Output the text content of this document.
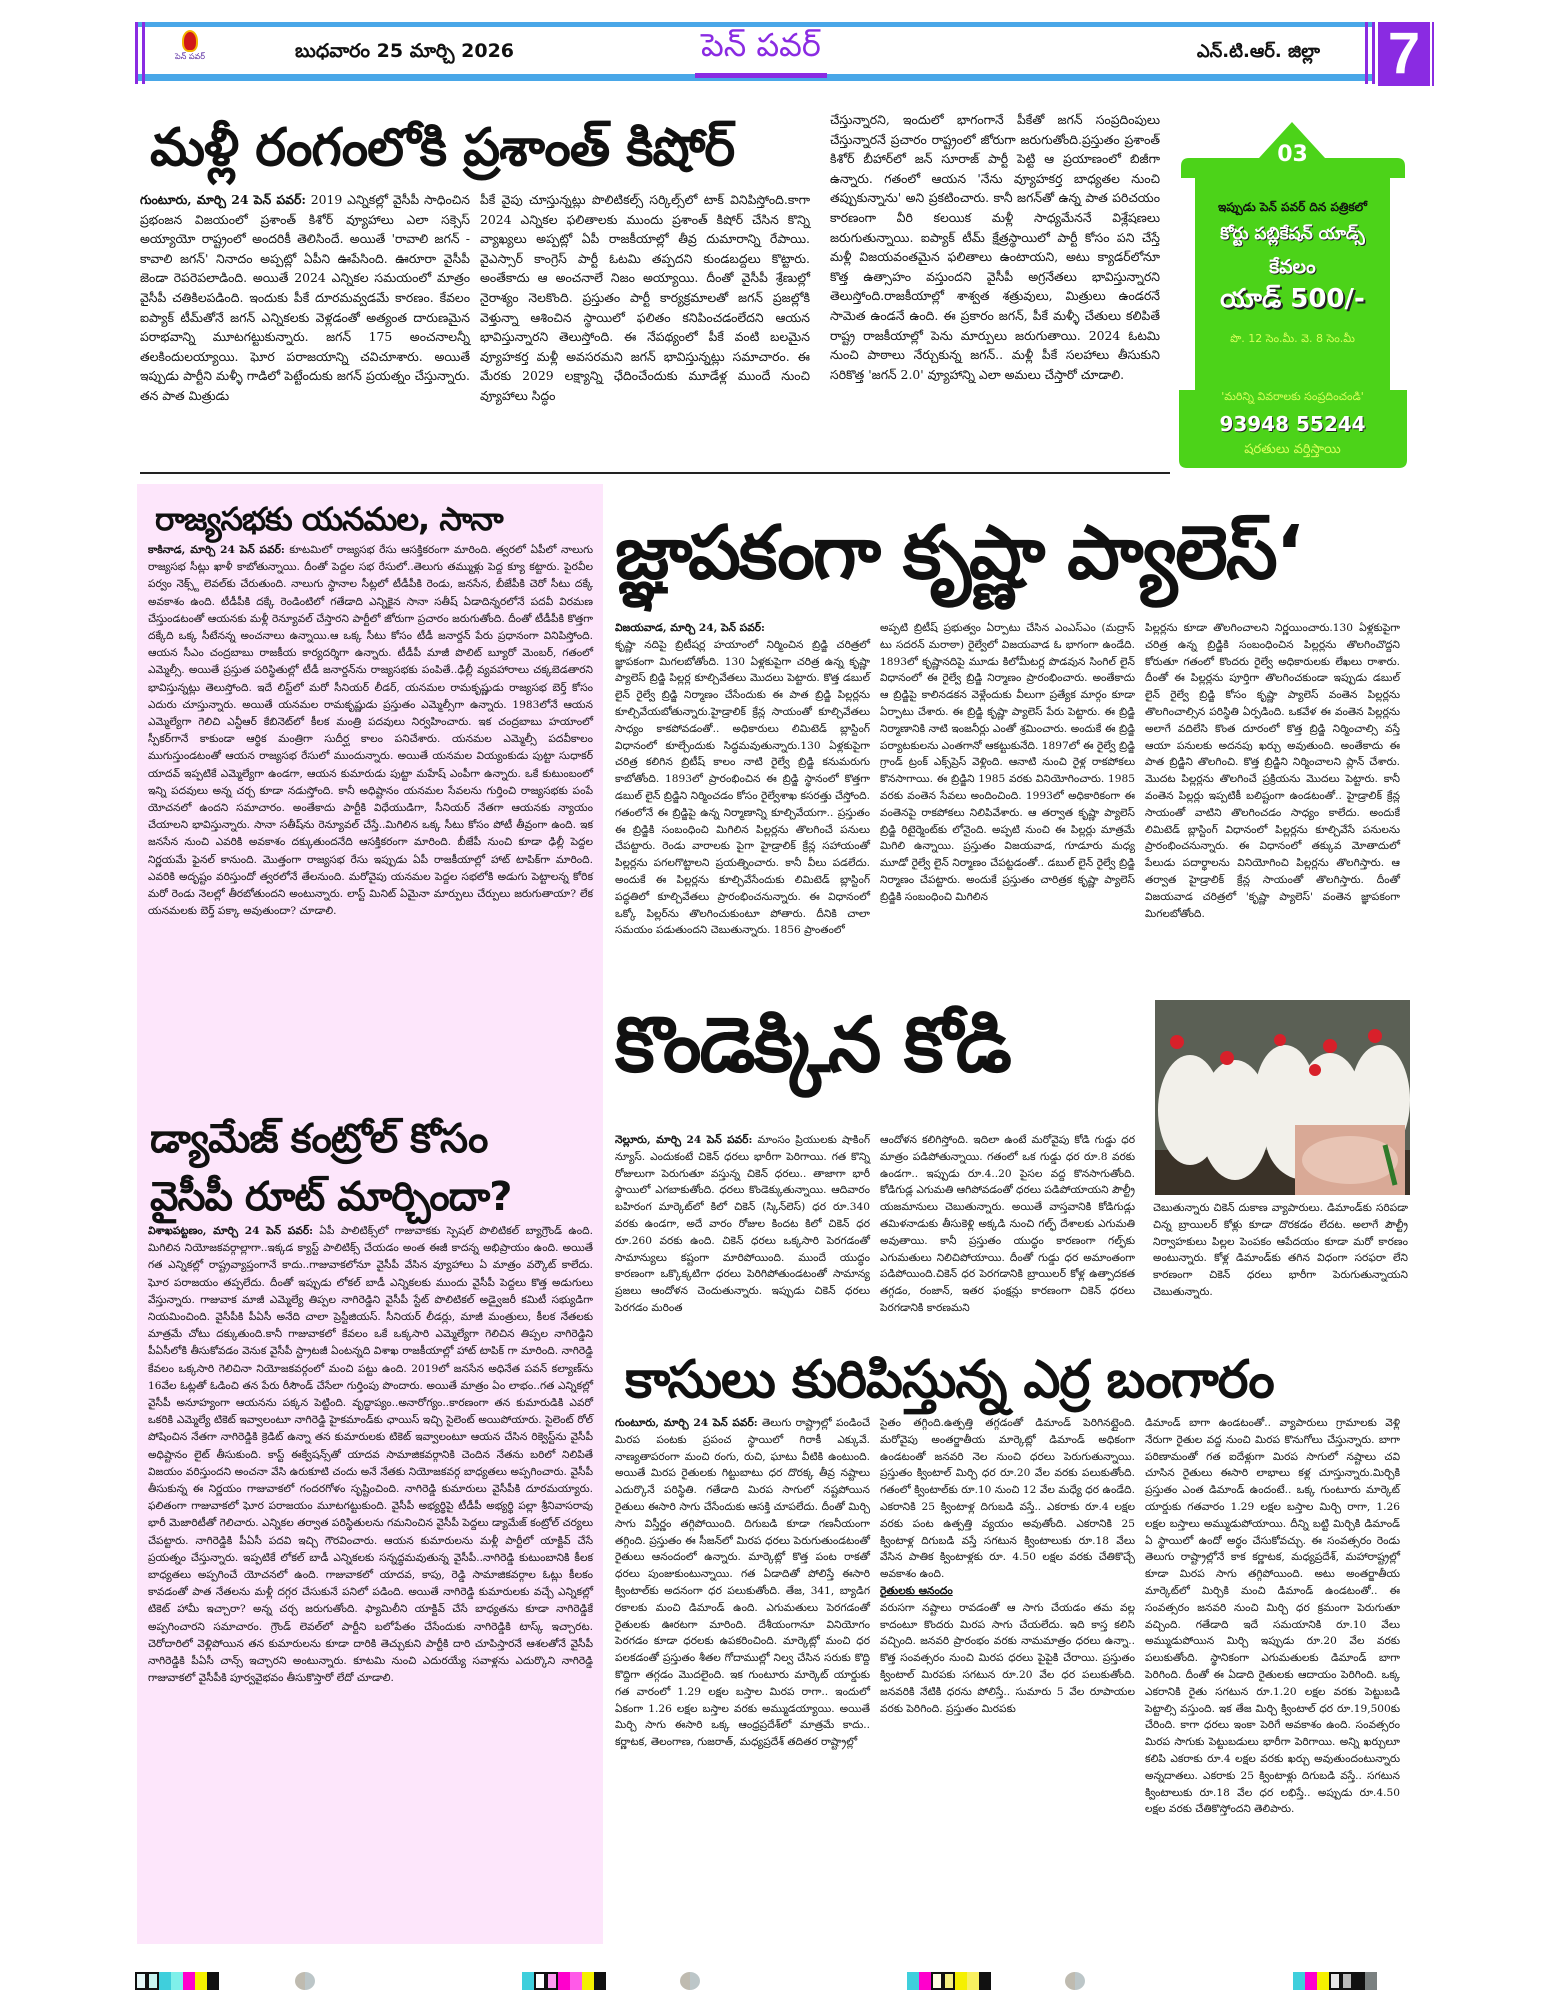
పెన్ పవర్	బుధవారం 25 మార్చి 2026	పెన్ పవర్	ఎన్.టి.ఆర్. జిల్లా 7
మళ్లీ రంగంలోకి ప్రశాంత్ కిషోర్
గుంటూరు, మార్చి 24 పెన్ పవర్: 2019 ఎన్నికల్లో వైసీపీ సాధించిన ప్రభంజన విజయంలో ప్రశాంత్ కిశోర్ వ్యూహాలు ఎలా సక్సెస్ అయ్యాయో రాష్ట్రంలో అందరికీ తెలిసిందే. అయితే 'రావాలి జగన్ - కావాలి జగన్' నినాదం అప్పట్లో ఏపీని ఊపేసింది. ఊరూరా వైసీపీ జెండా రెపరెపలాడింది. అయితే 2024 ఎన్నికల సమయంలో మాత్రం వైసీపీ చతికిలపడింది. ఇందుకు పీకే దూరమవ్వడమే కారణం. కేవలం ఐప్యాక్ టీమ్‌తోనే జగన్ ఎన్నికలకు వెళ్లడంతో అత్యంత దారుణమైన పరాభవాన్ని మూటగట్టుకున్నారు. జగన్ 175 అంచనాలన్నీ తలకిందులయ్యాయి. ఘోర పరాజయాన్ని చవిచూశారు. అయితే ఇప్పుడు పార్టీని మళ్ళీ గాడిలో పెట్టేందుకు జగన్ ప్రయత్నం చేస్తున్నారు. తన పాత మిత్రుడు
పీకే వైపు చూస్తున్నట్లు పొలిటికల్స్ సర్కిల్స్‌లో టాక్ వినిపిస్తోంది.కాగా 2024 ఎన్నికల ఫలితాలకు ముందు ప్రశాంత్ కిషోర్ చేసిన కొన్ని వ్యాఖ్యలు అప్పట్లో ఏపీ రాజకీయాల్లో తీవ్ర దుమారాన్ని రేపాయి. వైఎస్సార్ కాంగ్రెస్ పార్టీ ఓటమి తప్పదని కుండబద్దలు కొట్టారు. అంతేకాదు ఆ అంచనాలే నిజం అయ్యాయి. దీంతో వైసీపీ శ్రేణుల్లో నైరాశ్యం నెలకొంది. ప్రస్తుతం పార్టీ కార్యక్రమాలతో జగన్ ప్రజల్లోకి వెళ్తున్నా ఆశించిన స్థాయిలో ఫలితం కనిపించడంలేదని ఆయన భావిస్తున్నారని తెలుస్తోంది. ఈ నేపథ్యంలో పీకే వంటి బలమైన వ్యూహకర్త మళ్లీ అవసరమని జగన్ భావిస్తున్నట్లు సమాచారం. ఈ మేరకు 2029 లక్ష్యాన్ని ఛేదించేందుకు మూడేళ్ల ముందే నుంచి వ్యూహాలు సిద్ధం
చేస్తున్నారని, ఇందులో భాగంగానే పీకేతో జగన్ సంప్రదింపులు చేస్తున్నారనే ప్రచారం రాష్ట్రంలో జోరుగా జరుగుతోంది.ప్రస్తుతం ప్రశాంత్ కిశోర్ బీహార్‌లో జన్ సూరాజ్ పార్టీ పెట్టి ఆ ప్రయాణంలో బిజీగా ఉన్నారు. గతంలో ఆయన 'నేను వ్యూహకర్త బాధ్యతల నుంచి తప్పుకున్నాను' అని ప్రకటించారు. కానీ జగన్‌తో ఉన్న పాత పరిచయం కారణంగా వీరి కలయిక మళ్లీ సాధ్యమేననే విశ్లేషణలు జరుగుతున్నాయి. ఐప్యాక్ టీమ్ క్షేత్రస్థాయిలో పార్టీ కోసం పని చేస్తే మళ్లీ విజయవంతమైన ఫలితాలు ఉంటాయని, అటు క్యాడర్‌లోనూ కొత్త ఉత్సాహం వస్తుందని వైసీపీ అగ్రనేతలు భావిస్తున్నారని తెలుస్తోంది.రాజకీయాల్లో శాశ్వత శత్రువులు, మిత్రులు ఉండరనే సామెత ఉండనే ఉంది. ఈ ప్రకారం జగన్, పీకే మళ్ళీ చేతులు కలిపితే రాష్ట్ర రాజకీయాల్లో పెను మార్పులు జరుగుతాయి. 2024 ఓటమి నుంచి పాఠాలు నేర్చుకున్న జగన్.. మళ్లీ పీకే సలహాలు తీసుకుని సరికొత్త 'జగన్ 2.0' వ్యూహాన్ని ఎలా అమలు చేస్తారో చూడాలి.
03
ఇప్పుడు పెన్ పవర్ దిన పత్రికలో
కోర్టు పబ్లికేషన్ యాడ్స్
కేవలం
యాడ్ 500/-
పొ. 12 సెం.మీ. వె. 8 సెం.మీ
'మరిన్ని వివరాలకు సంప్రదించండి'
93948 55244
షరతులు వర్తిస్తాయి
రాజ్యసభకు యనమల, సానా
కాకినాడ, మార్చి 24 పెన్ పవర్: కూటమిలో రాజ్యసభ రేసు ఆసక్తికరంగా మారింది. త్వరలో ఏపీలో నాలుగు రాజ్యసభ సీట్లు ఖాళీ కాబోతున్నాయి. దీంతో పెద్దల సభ రేసులో..తెలుగు తమ్ముళ్లు పెద్ద క్యూ కట్టారు. పైరవీల పర్వం నెక్స్ట్ లెవల్‌కు చేరుతుంది. నాలుగు స్థానాల సీట్లలో టీడీపీకి రెండు, జనసేన, బీజేపీకి చెరో సీటు దక్కే అవకాశం ఉంది. టీడీపీకి దక్కే రెండింటిలో గతేడాది ఎన్నికైన సానా సతీష్ ఏడాదిన్నరలోనే పదవీ విరమణ చేస్తుండటంతో ఆయనకు మళ్లీ రెన్యూవల్ చేస్తారని పార్టీలో జోరుగా ప్రచారం జరుగుతోంది. దీంతో టీడీపీకి కొత్తగా దక్కేది ఒక్క సీటేనన్న అంచనాలు ఉన్నాయి.ఆ ఒక్క సీటు కోసం టీడీ జనార్దన్ పేరు ప్రధానంగా వినిపిస్తోంది. ఆయన సీఎం చంద్రబాబు రాజకీయ కార్యదర్శిగా ఉన్నారు. టీడీపీ మాజీ పొలిట్ బ్యూరో మెంబర్, గతంలో ఎమ్మెల్సీ. అయితే ప్రస్తుత పరిస్థితుల్లో టీడీ జనార్దన్‌ను రాజ్యసభకు పంపితే..ఢిల్లీ వ్యవహారాలు చక్కబెడతారని భావిస్తున్నట్లు తెలుస్తోంది. ఇదే లిస్ట్‌లో మరో సీనియర్ లీడర్, యనమల రామకృష్ణుడు రాజ్యసభ బెర్త్ కోసం ఎదురు చూస్తున్నారు. అయితే యనమల రామకృష్ణుడు ప్రస్తుతం ఎమ్మెల్సీగా ఉన్నారు. 1983లోనే ఆయన ఎమ్మెల్యేగా గెలిచి ఎన్టీఆర్ కేబినెట్‌లో కీలక మంత్రి పదవులు నిర్వహించారు. ఇక చంద్రబాబు హయాంలో స్పీకర్‌గానే కాకుండా ఆర్థిక మంత్రిగా సుదీర్ఘ కాలం పనిచేశారు. యనమల ఎమ్మెల్సీ పదవీకాలం ముగుస్తుండటంతో ఆయన రాజ్యసభ రేసులో ముందున్నారు. అయితే యనమల వియ్యంకుడు పుట్టా సుధాకర్ యాదవ్ ఇప్పటికే ఎమ్మెల్యేగా ఉండగా, ఆయన కుమారుడు పుట్టా మహేష్ ఎంపీగా ఉన్నారు. ఒకే కుటుంబంలో ఇన్ని పదవులు అన్న చర్చ కూడా నడుస్తోంది. కానీ అధిష్టానం యనమల సేవలను గుర్తించి రాజ్యసభకు పంపే యోచనలో ఉందని సమాచారం. అంతేకాదు పార్టీకి విధేయుడిగా, సీనియర్ నేతగా ఆయనకు న్యాయం చేయాలని భావిస్తున్నారు. సానా సతీష్‌ను రెన్యూవల్ చేస్తే..మిగిలిన ఒక్క సీటు కోసం పోటీ తీవ్రంగా ఉంది. ఇక జనసేన నుంచి ఎవరికి అవకాశం దక్కుతుందనేది ఆసక్తికరంగా మారింది. బీజేపీ నుంచి కూడా ఢిల్లీ పెద్దల నిర్ణయమే ఫైనల్ కానుంది. మొత్తంగా రాజ్యసభ రేసు ఇప్పుడు ఏపీ రాజకీయాల్లో హాట్ టాపిక్‌గా మారింది. ఎవరికి అదృష్టం వరిస్తుందో త్వరలోనే తేలనుంది. మరోవైపు యనమల పెద్దల సభలోకి అడుగు పెట్టాలన్న కోరిక మరో రెండు నెలల్లో తీరబోతుందని అంటున్నారు. లాస్ట్ మినిట్ ఏమైనా మార్పులు చేర్పులు జరుగుతాయా? లేక యనమలకు బెర్త్ పక్కా అవుతుందా? చూడాలి.
డ్యామేజ్ కంట్రోల్ కోసం
వైసీపీ రూట్ మార్చిందా?
విశాఖపట్టణం, మార్చి 24 పెన్ పవర్: ఏపీ పాలిటిక్స్‌లో గాజువాకకు స్పెషల్ పొలిటికల్ బ్యాగ్రౌండ్ ఉంది. మిగిలిన నియోజకవర్గాల్లాగా..ఇక్కడ క్యాస్ట్ పాలిటిక్స్ చేయడం అంత ఈజీ కాదన్న అభిప్రాయం ఉంది. అయితే గత ఎన్నికల్లో రాష్ట్రవ్యాప్తంగానే కాదు..గాజువాకలోనూ వైసీపీ వేసిన వ్యూహాలు ఏ మాత్రం వర్కౌట్ కాలేదు. ఘోర పరాజయం తప్పలేదు. దీంతో ఇప్పుడు లోకల్ బాడీ ఎన్నికలకు ముందు వైసీపీ పెద్దలు కొత్త అడుగులు వేస్తున్నారు. గాజువాక మాజీ ఎమ్మెల్యే తిప్పల నాగిరెడ్డిని వైసీపీ స్టేట్ పొలిటికల్ అడ్వైజరీ కమిటీ సభ్యుడిగా నియమించింది. వైసీపీకి పీఏసీ అనేది చాలా ప్రెస్టీజియస్. సీనియర్ లీడర్లు, మాజీ మంత్రులు, కీలక నేతలకు మాత్రమే చోటు దక్కుతుంది.కానీ గాజువాకలో కేవలం ఒకే ఒక్కసారి ఎమ్మెల్యేగా గెలిచిన తిప్పల నాగిరెడ్డిని పీఏసీలోకి తీసుకోవడం వెనుక వైసీపీ స్ట్రాటజీ ఏంటన్నది విశాఖ రాజకీయాల్లో హాట్ టాపిక్ గా మారింది. నాగిరెడ్డి కేవలం ఒక్కసారి గెలిచినా నియోజకవర్గంలో మంచి పట్టు ఉంది. 2019లో జనసేన అధినేత పవన్ కల్యాణ్‌ను 16వేల ఓట్లతో ఓడించి తన పేరు రీసౌండ్ చేసేలా గుర్తింపు పొందారు. అయితే మాత్రం ఏం లాభం..గత ఎన్నికల్లో వైసీపీ అనూహ్యంగా ఆయనను పక్కన పెట్టింది. వృద్ధాప్యం..అనారోగ్యం..కారణంగా తన కుమారుడికి ఎవరో ఒకరికి ఎమ్మెల్యే టికెట్ ఇవ్వాలంటూ నాగిరెడ్డి హైకమాండ్‌కు ఛాయిస్ ఇచ్చి సైలెంట్ అయిపోయారు. సైలెంట్ రోల్ పోషించిన నేతగా నాగిరెడ్డికి క్రెడిట్ ఉన్నా తన కుమారులకు టికెట్ ఇవ్వాలంటూ ఆయన చేసిన రిక్వెస్ట్‌ను వైసీపీ అధిష్టానం లైట్ తీసుకుంది. కాస్ట్ ఈక్వేషన్స్‌తో యాదవ సామాజికవర్గానికి చెందిన నేతను బరిలో నిలిపితే విజయం వరిస్తుందని అంచనా వేసి ఉరుకూటి చందు అనే నేతకు నియోజకవర్గ బాధ్యతలు అప్పగించారు. వైసీపీ తీసుకున్న ఈ నిర్ణయం గాజువాకలో గందరగోళం సృష్టించింది. నాగిరెడ్డి కుమారులు వైసీపీకి దూరమయ్యారు. ఫలితంగా గాజువాకలో ఘోర పరాజయం మూటగట్టుకుంది. వైసీపీ అభ్యర్థిపై టీడీపీ అభ్యర్థి పల్లా శ్రీనివాసరావు భారీ మెజారిటీతో గెలిచారు. ఎన్నికల తర్వాత పరిస్థితులను గమనించిన వైసీపీ పెద్దలు డ్యామేజ్ కంట్రోల్ చర్యలు చేపట్టారు. నాగిరెడ్డికి పీఏసీ పదవి ఇచ్చి గౌరవించారు. ఆయన కుమారులను మళ్లీ పార్టీలో యాక్టివ్ చేసే ప్రయత్నం చేస్తున్నారు. ఇప్పటికే లోకల్ బాడీ ఎన్నికలకు సన్నద్ధమవుతున్న వైసీపీ..నాగిరెడ్డి కుటుంబానికి కీలక బాధ్యతలు అప్పగించే యోచనలో ఉంది. గాజువాకలో యాదవ, కాపు, రెడ్డి సామాజికవర్గాల ఓట్లు కీలకం కావడంతో పాత నేతలను మళ్లీ దగ్గర చేసుకునే పనిలో పడింది. అయితే నాగిరెడ్డి కుమారులకు వచ్చే ఎన్నికల్లో టికెట్ హామీ ఇచ్చారా? అన్న చర్చ జరుగుతోంది. ఫ్యామిలీని యాక్టివ్ చేసే బాధ్యతను కూడా నాగిరెడ్డికే అప్పగించారని సమాచారం. గ్రౌండ్ లెవల్‌లో పార్టీని బలోపేతం చేసేందుకు నాగిరెడ్డికి టాస్క్ ఇచ్చారట. చెరోదారిలో వెళ్లిపోయిన తన కుమారులను కూడా దారికి తెచ్చుకుని పార్టీకి దారి చూపిస్తారనే ఆశలతోనే వైసీపీ నాగిరెడ్డికి పీఏసీ చాన్స్ ఇచ్చారని అంటున్నారు. కూటమి నుంచి ఎదురయ్యే సవాళ్లను ఎదుర్కొని నాగిరెడ్డి గాజువాకలో వైసీపీకి పూర్వవైభవం తీసుకొస్తారో లేదో చూడాలి.
జ్ఞాపకంగా కృష్ణా ప్యాలెస్‘
విజయవాడ, మార్చి 24, పెన్ పవర్:
కృష్ణా నదిపై బ్రిటీషర్ల హయాంలో నిర్మించిన బ్రిడ్జి చరిత్రలో జ్ఞాపకంగా మిగలబోతోంది. 130 ఏళ్లకుపైగా చరిత్ర ఉన్న కృష్ణా ప్యాలెస్ బ్రిడ్జి పిల్లర్ల కూల్చివేతలు మొదలు పెట్టారు. కొత్త డబుల్ లైన్ రైల్వే బ్రిడ్జి నిర్మాణం చేసేందుకు ఈ పాత బ్రిడ్జి పిల్లర్లను కూల్చివేయబోతున్నారు.హైడ్రాలిక్ క్రేన్ల సాయంతో కూల్చివేతలు సాధ్యం కాకపోవడంతో.. అధికారులు లిమిటెడ్ బ్లాస్టింగ్ విధానంలో కూల్చేందుకు సిద్ధమవుతున్నారు.130 ఏళ్లకుపైగా చరిత్ర కలిగిన బ్రిటీష్ కాలం నాటి రైల్వే బ్రిడ్జి కనుమరుగు కాబోతోంది. 1893లో ప్రారంభించిన ఈ బ్రిడ్జి స్థానంలో కొత్తగా డబుల్ లైన్ బ్రిడ్జిని నిర్మించడం కోసం రైల్వేశాఖ కసరత్తు చేస్తోంది. గతంలోనే ఈ బ్రిడ్జిపై ఉన్న నిర్మాణాన్ని కూల్చివేయగా.. ప్రస్తుతం ఈ బ్రిడ్జికి సంబంధించి మిగిలిన పిల్లర్లను తొలగించే పనులు చేపట్టారు. రెండు వారాలకు పైగా హైడ్రాలిక్ క్రేన్ల సహాయంతో పిల్లర్లను పగలగొట్టాలని ప్రయత్నించారు. కానీ వీలు పడలేదు. అందుకే ఈ పిల్లర్లను కూల్చివేసేందుకు లిమిటెడ్ బ్లాస్టింగ్ పద్ధతిలో కూల్చివేతలు ప్రారంభించనున్నారు. ఈ విధానంలో ఒక్కో పిల్లర్‌ను తొలగించుకుంటూ పోతారు. దీనికి చాలా సమయం పడుతుందని చెబుతున్నారు. 1856 ప్రాంతంలో
అప్పటి బ్రిటీష్ ప్రభుత్వం ఏర్పాటు చేసిన ఎంఎస్ఎం (మద్రాస్ టు సదరన్ మరాఠా) రైల్వేలో విజయవాడ ఓ భాగంగా ఉండేది. 1893లో కృష్ణానదిపై మూడు కిలోమీటర్ల పొడవున సింగిల్ లైన్ విధానంలో ఈ రైల్వే బ్రిడ్జి నిర్మాణం ప్రారంభించారు. అంతేకాదు ఆ బ్రిడ్జిపై కాలినడకన వెళ్లేందుకు వీలుగా ప్రత్యేక మార్గం కూడా ఏర్పాటు చేశారు. ఈ బ్రిడ్జి కృష్ణా ప్యాలెస్ పేరు పెట్టారు. ఈ బ్రిడ్జి నిర్మాణానికి నాటి ఇంజనీర్లు ఎంతో శ్రమించారు. అందుకే ఈ బ్రిడ్జి పర్యాటకులను ఎంతగానో ఆకట్టుకునేది. 1897లో ఈ రైల్వే బ్రిడ్జి గ్రాండ్ ట్రంక్ ఎక్స్‌ప్రెస్ వెళ్లింది. ఆనాటి నుంచి రైళ్ల రాకపోకలు కొనసాగాయి. ఈ బ్రిడ్జిని 1985 వరకు వినియోగించారు. 1985 వరకు వంతెన సేవలు అందించింది. 1993లో అధికారికంగా ఈ వంతెనపై రాకపోకలు నిలిపివేశారు. ఆ తర్వాత కృష్ణా ప్యాలెస్ బ్రిడ్జి రిటైర్మెంట్‌కు లోనైంది. అప్పటి నుంచి ఈ పిల్లర్లు మాత్రమే మిగిలి ఉన్నాయి. ప్రస్తుతం విజయవాడ, గూడూరు మధ్య మూడో రైల్వే లైన్ నిర్మాణం చేపట్టడంతో.. డబుల్ లైన్ రైల్వే బ్రిడ్జి నిర్మాణం చేపట్టారు. అందుకే ప్రస్తుతం చారిత్రక కృష్ణా ప్యాలెస్ బ్రిడ్జికి సంబంధించి మిగిలిన
పిల్లర్లను కూడా తొలగించాలని నిర్ణయించారు.130 ఏళ్లకుపైగా చరిత్ర ఉన్న బ్రిడ్జికి సంబంధించిన పిల్లర్లను తొలగించొద్దని కోరుతూ గతంలో కొందరు రైల్వే అధికారులకు లేఖలు రాశారు. దీంతో ఈ పిల్లర్లను పూర్తిగా తొలగించకుండా ఇప్పుడు డబుల్ లైన్ రైల్వే బ్రిడ్జి కోసం కృష్ణా ప్యాలెస్ వంతెన పిల్లర్లను తొలగించాల్సిన పరిస్థితి ఏర్పడింది. ఒకవేళ ఈ వంతెన పిల్లర్లను అలాగే వదిలేసి కొంత దూరంలో కొత్త బ్రిడ్జి నిర్మించాల్సి వస్తే ఆయా పనులకు అదనపు ఖర్చు అవుతుంది. అంతేకాదు ఈ పాత బ్రిడ్జిని తొలగించి. కొత్త బ్రిడ్జిని నిర్మించాలని ప్లాన్ చేశారు. మొదట పిల్లర్లను తొలగించే ప్రక్రియను మొదలు పెట్టారు. కానీ వంతెన పిల్లర్లు ఇప్పటికీ బలిష్టంగా ఉండటంతో.. హైడ్రాలిక్ క్రేన్ల సాయంతో వాటిని తొలగించడం సాధ్యం కాలేదు. అందుకే లిమిటెడ్ బ్లాస్టింగ్ విధానంలో పిల్లర్లను కూల్చివేసే పనులను ప్రారంభించనున్నారు. ఈ విధానంలో తక్కువ మోతాదులో పేలుడు పదార్థాలను వినియోగించి పిల్లర్లను తొలగిస్తారు. ఆ తర్వాత హైడ్రాలిక్ క్రేన్ల సాయంతో తొలగిస్తారు. దీంతో విజయవాడ చరిత్రలో 'కృష్ణా ప్యాలెస్' వంతెన జ్ఞాపకంగా మిగలబోతోంది.
కొండెక్కిన కోడి
నెల్లూరు, మార్చి 24 పెన్ పవర్: మాంసం ప్రియులకు షాకింగ్ న్యూస్. ఎందుకంటే చికెన్ ధరలు భారీగా పెరిగాయి. గత కొన్ని రోజులుగా పెరుగుతూ వస్తున్న చికెన్ ధరలు.. తాజాగా భారీ స్థాయిలో ఎగబాకుతోంది. ధరలు కొండెక్కుతున్నాయి. ఆదివారం బహిరంగ మార్కెట్‌లో కిలో చికెన్ (స్కిన్‌లెస్) ధర రూ.340 వరకు ఉండగా, అదే వారం రోజుల కిందట కిలో చికెన్ ధర రూ.260 వరకు ఉంది. చికెన్ ధరలు ఒక్కసారి పెరగడంతో సామాన్యులు కష్టంగా మారిపోయింది. ముందే యుద్ధం కారణంగా ఒక్కొక్కటిగా ధరలు పెరిగిపోతుండటంతో సామాన్య ప్రజలు ఆందోళన చెందుతున్నారు. ఇప్పుడు చికెన్ ధరలు పెరగడం మరింత
ఆందోళన కలిగిస్తోంది. ఇదిలా ఉంటే మరోవైపు కోడి గుడ్డు ధర మాత్రం పడిపోతున్నాయి. గతంలో ఒక గుడ్డు ధర రూ.8 వరకు ఉండగా.. ఇప్పుడు రూ.4..20 పైసల వద్ద కొనసాగుతోంది. కోడిగుడ్ల ఎగుమతి ఆగిపోవడంతో ధరలు పడిపోయాయని పౌల్ట్రీ యజమానులు చెబుతున్నారు. అయితే వాస్తవానికి కోడిగుడ్లు తమిళనాడుకు తీసుకెళ్లి అక్కడి నుంచి గల్ఫ్ దేశాలకు ఎగుమతి అవుతాయి. కానీ ప్రస్తుతం యుద్ధం కారణంగా గల్ఫ్‌కు ఎగుమతులు నిలిచిపోయాయి. దీంతో గుడ్డు ధర అమాంతంగా పడిపోయింది.చికెన్ ధర పెరగడానికి బ్రాయిలర్ కోళ్ల ఉత్పాదకత తగ్గడం, రంజాన్, ఇతర ఫంక్షన్లు కారణంగా చికెన్ ధరలు పెరగడానికి కారణమని
చెబుతున్నారు చికెన్ దుకాణ వ్యాపారులు. డిమాండ్‌కు సరిపడా చిన్న బ్రాయిలర్ కోళ్లు కూడా దొరకడం లేదట. అలాగే పౌల్ట్రీ నిర్వాహకులు పిల్లల పెంపకం ఆపేదయం కూడా మరో కారణం అంటున్నారు. కోళ్ల డిమాండ్‌కు తగిన విధంగా సరఫరా లేని కారణంగా చికెన్ ధరలు భారీగా పెరుగుతున్నాయని చెబుతున్నారు.
కాసులు కురిపిస్తున్న ఎర్ర బంగారం
గుంటూరు, మార్చి 24 పెన్ పవర్: తెలుగు రాష్ట్రాల్లో పండించే మిరప పంటకు ప్రపంచ స్థాయిలో గిరాకీ ఎక్కువే. నాణ్యతాపరంగా మంచి రంగు, రుచి, ఘాటు వీటికి ఉంటుంది. అయితే మిరప రైతులకు గిట్టుబాటు ధర దొరక్క తీవ్ర నష్టాలు ఎదుర్కొనే పరిస్థితి. గతేడాది మిరప సాగులో నష్టపోయిన రైతులు ఈసారి సాగు చేసేందుకు ఆసక్తి చూపలేదు. దీంతో మిర్చి సాగు విస్తీర్ణం తగ్గిపోయింది. దిగుబడి కూడా గణనీయంగా తగ్గింది. ప్రస్తుతం ఈ సీజన్‌లో మిరప ధరలు పెరుగుతుండటంతో రైతులు ఆనందంలో ఉన్నారు. మార్కెట్లో కొత్త పంట రాకతో ధరలు పుంజుకుంటున్నాయి. గత ఏడాదితో పోలిస్తే ఈసారి క్వింటాల్‌కు అదనంగా ధర పలుకుతోంది. తేజ, 341, బ్యాడిగ రకాలకు మంచి డిమాండ్ ఉంది. ఎగుమతులు పెరగడంతో రైతులకు ఊరటగా మారింది. దేశీయంగానూ వినియోగం పెరగడం కూడా ధరలకు ఉపకరించింది. మార్కెట్లో మంచి ధర పలకడంతో ప్రస్తుతం శీతల గోదాముల్లో నిల్వ చేసిన సరుకు కొద్ది కొద్దిగా తగ్గడం మొదలైంది. ఇక గుంటూరు మార్కెట్ యార్డుకు గత వారంలో 1.29 లక్షల బస్తాల మిరప రాగా.. ఇందులో ఏకంగా 1.26 లక్షల బస్తాల వరకు అమ్ముడయ్యాయి. అయితే మిర్చి సాగు ఈసారి ఒక్క ఆంధ్రప్రదేశ్‌లో మాత్రమే కాదు.. కర్ణాటక, తెలంగాణ, గుజరాత్, మధ్యప్రదేశ్ తదితర రాష్ట్రాల్లో
సైతం తగ్గింది.ఉత్పత్తి తగ్గడంతో డిమాండ్ పెరిగినట్లైంది. మరోవైపు అంతర్జాతీయ మార్కెట్లో డిమాండ్ అధికంగా ఉండటంతో జనవరి నెల నుంచి ధరలు పెరుగుతున్నాయి. ప్రస్తుతం క్వింటాల్ మిర్చి ధర రూ.20 వేల వరకు పలుకుతోంది. గతంలో క్వింటాల్‌కు రూ.10 నుంచి 12 వేల మధ్యే ధర ఉండేది. ఎకరానికి 25 క్వింటాళ్ల దిగుబడి వస్తే.. ఎకరాకు రూ.4 లక్షల వరకు పంట ఉత్పత్తి వ్యయం అవుతోంది. ఎకరానికి 25 క్వింటాళ్ల దిగుబడి వస్తే సగటున క్వింటాలుకు రూ.18 వేలు వేసిన పాతిక క్వింటాళ్లకు రూ. 4.50 లక్షల వరకు చేతికొచ్చే అవకాశం ఉంది.
రైతులకు ఆనందం
వరుసగా నష్టాలు రావడంతో ఆ సాగు చేయడం తమ వల్ల కాదంటూ కొందరు మిరప సాగు చేయలేదు. ఇది కాస్త కలిసి వచ్చింది. జనవరి ప్రారంభం వరకు నామమాత్రం ధరలు ఉన్నా.. కొత్త సంవత్సరం నుంచి మిరప ధరలు పైపైకి చేరాయి. ప్రస్తుతం క్వింటాల్ మిరపకు సగటున రూ.20 వేల ధర పలుకుతోంది. జనవరికి నేటికి ధరను పోలిస్తే.. సుమారు 5 వేల రూపాయల వరకు పెరిగింది. ప్రస్తుతం మిరపకు
డిమాండ్ బాగా ఉండటంతో.. వ్యాపారులు గ్రామాలకు వెళ్లి నేరుగా రైతుల వద్ద నుంచి మిరప కొనుగోలు చేస్తున్నారు. బాగా పరిణామంతో గత ఐదేళ్లుగా మిరప సాగులో నష్టాలు చవి చూసిన రైతులు ఈసారి లాభాలు కళ్ల చూస్తున్నారు.మిర్చికి ప్రస్తుతం ఎంత డిమాండ్ ఉందంటే.. ఒక్క గుంటూరు మార్కెట్ యార్డుకు గతవారం 1.29 లక్షల బస్తాల మిర్చి రాగా, 1.26 లక్షల బస్తాలు అమ్ముడుపోయాయి. దీన్ని బట్టి మిర్చికి డిమాండ్ ఏ స్థాయిలో ఉందో అర్థం చేసుకోవచ్చు. ఈ సంవత్సరం రెండు తెలుగు రాష్ట్రాల్లోనే కాక కర్ణాటక, మధ్యప్రదేశ్, మహారాష్ట్రల్లో కూడా మిరప సాగు తగ్గిపోయింది. అటు అంతర్జాతీయ మార్కెట్‌లో మిర్చికి మంచి డిమాండ్ ఉండటంతో.. ఈ సంవత్సరం జనవరి నుంచి మిర్చి ధర క్రమంగా పెరుగుతూ వచ్చింది. గతేడాది ఇదే సమయానికి రూ.10 వేలు అమ్ముడుపోయిన మిర్చి ఇప్పుడు రూ.20 వేల వరకు పలుకుతోంది. స్థానికంగా ఎగుమతులకు డిమాండ్ బాగా పెరిగింది. దీంతో ఈ ఏడాది రైతులకు ఆదాయం పెరిగింది. ఒక్క ఎకరానికి రైతు సగటున రూ.1.20 లక్షల వరకు పెట్టుబడి పెట్టాల్సి వస్తుంది. ఇక తేజ మిర్చి క్వింటాల్ ధర రూ.19,500కు చేరింది. కాగా ధరలు ఇంకా పెరిగే అవకాశం ఉంది. సంవత్సరం మిరప సాగుకు పెట్టుబడులు భారీగా పెరిగాయి. అన్ని ఖర్చులూ కలిపి ఎకరాకు రూ.4 లక్షల వరకు ఖర్చు అవుతుందంటున్నారు అన్నదాతలు. ఎకరాకు 25 క్వింటాళ్లు దిగుబడి వస్తే.. సగటున క్వింటాలుకు రూ.18 వేల ధర లభిస్తే.. అప్పుడు రూ.4.50 లక్షల వరకు చేతికొస్తోందని తెలిపారు.
